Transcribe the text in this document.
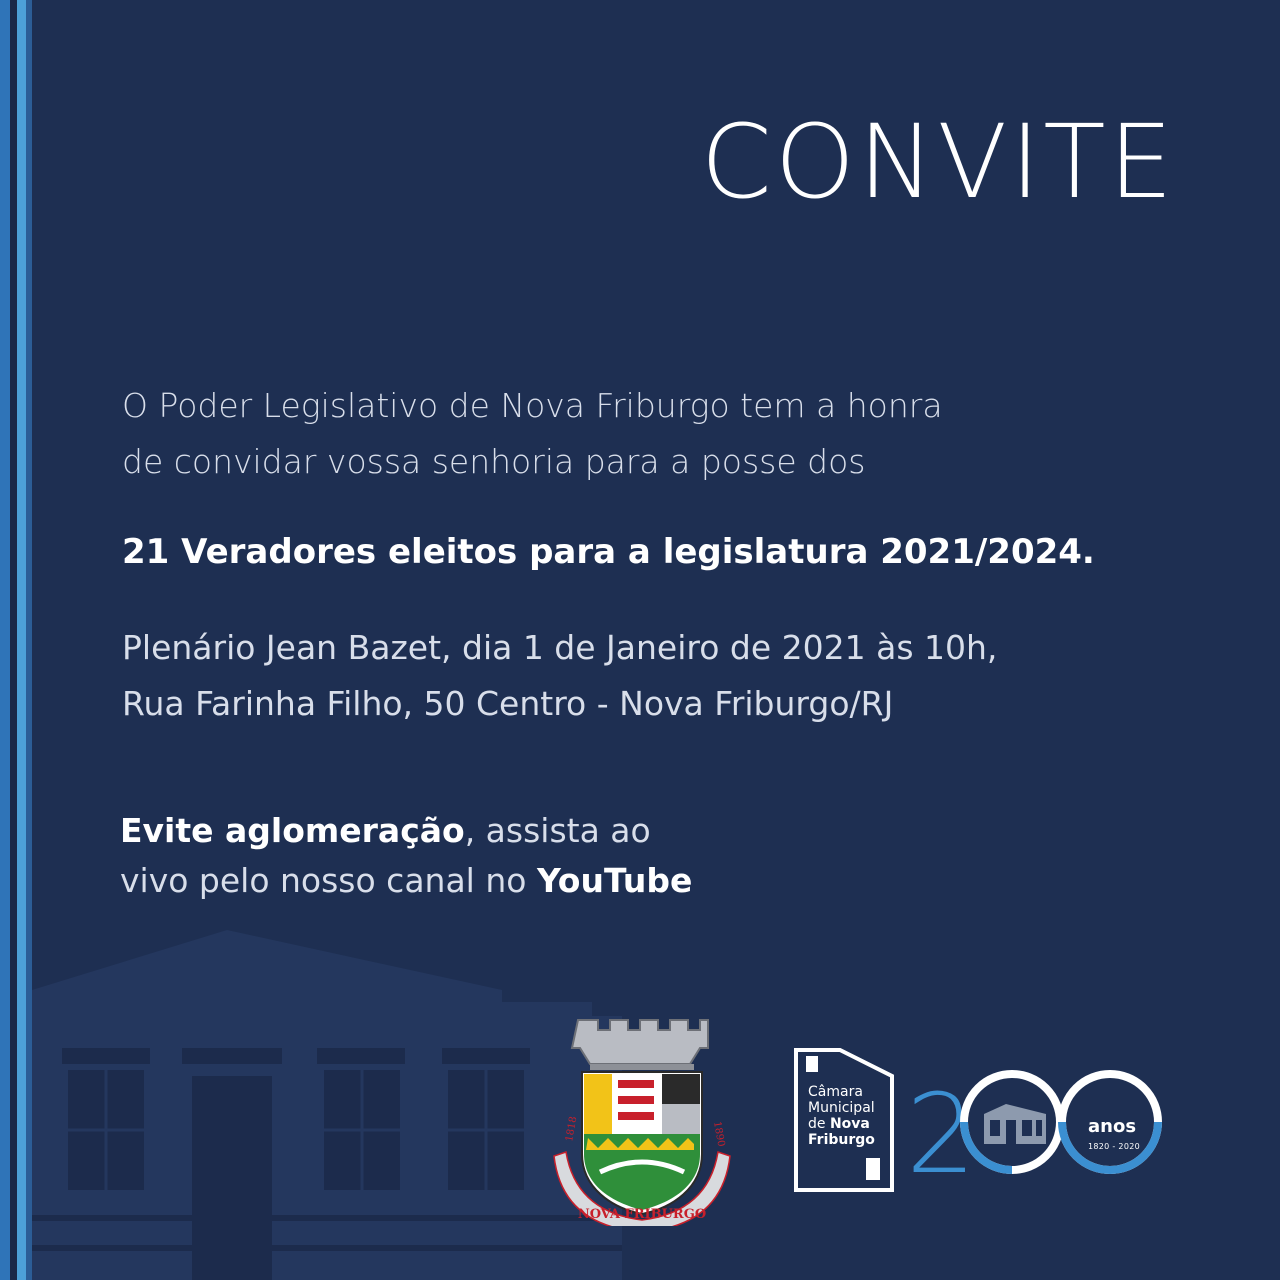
CONVITE

O Poder Legislativo de Nova Friburgo tem a honra
de convidar vossa senhoria para a posse dos

21 Veradores eleitos para a legislatura 2021/2024.

Plenário Jean Bazet, dia 1 de Janeiro de 2021 às 10h,
Rua Farinha Filho, 50 Centro - Nova Friburgo/RJ

Evite aglomeração, assista ao
vivo pelo nosso canal no YouTube

NOVA FRIBURGO
1818	1890

Câmara
Municipal
de Nova
Friburgo 2	anos

1820 - 2020
